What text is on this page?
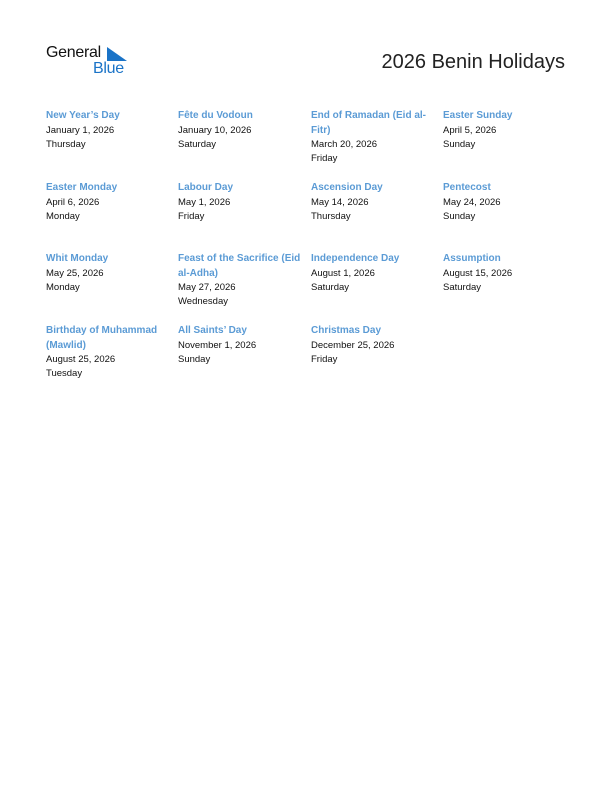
General
Blue	2026 Benin Holidays
New Year’s Day
January 1, 2026
Thursday
Fête du Vodoun
January 10, 2026
Saturday
End of Ramadan (Eid al-Fitr)
March 20, 2026
Friday
Easter Sunday
April 5, 2026
Sunday
Easter Monday
April 6, 2026
Monday
Labour Day
May 1, 2026
Friday
Ascension Day
May 14, 2026
Thursday
Pentecost
May 24, 2026
Sunday
Whit Monday
May 25, 2026
Monday
Feast of the Sacrifice (Eid al-Adha)
May 27, 2026
Wednesday
Independence Day
August 1, 2026
Saturday
Assumption
August 15, 2026
Saturday
Birthday of Muhammad (Mawlid)
August 25, 2026
Tuesday
All Saints’ Day
November 1, 2026
Sunday
Christmas Day
December 25, 2026
Friday
